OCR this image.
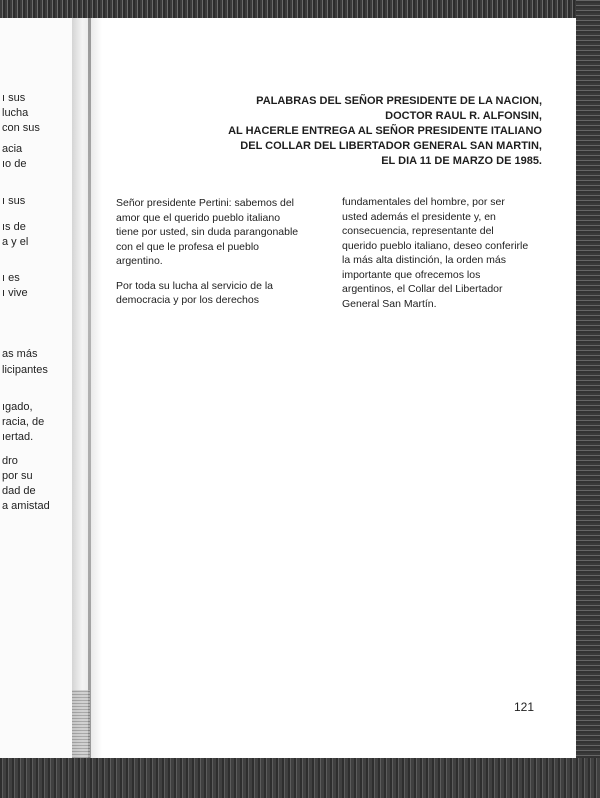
ı sus
lucha
con sus
acia
ıo de
ı sus
ıs de
a y el
ı es
ı vive
as más
licipantes
ıgado,
racia, de
ıertad.
dro
por su
dad de
a amistad
PALABRAS DEL SEÑOR PRESIDENTE DE LA NACION,
DOCTOR RAUL R. ALFONSIN,
AL HACERLE ENTREGA AL SEÑOR PRESIDENTE ITALIANO
DEL COLLAR DEL LIBERTADOR GENERAL SAN MARTIN,
EL DIA 11 DE MARZO DE 1985.

Señor presidente Pertini: sabemos del
amor que el querido pueblo italiano
tiene por usted, sin duda parangonable
con el que le profesa el pueblo
argentino.

Por toda su lucha al servicio de la
democracia y por los derechos

fundamentales del hombre, por ser
usted además el presidente y, en
consecuencia, representante del
querido pueblo italiano, deseo conferirle
la más alta distinción, la orden más
importante que ofrecemos los
argentinos, el Collar del Libertador
General San Martín.

121
